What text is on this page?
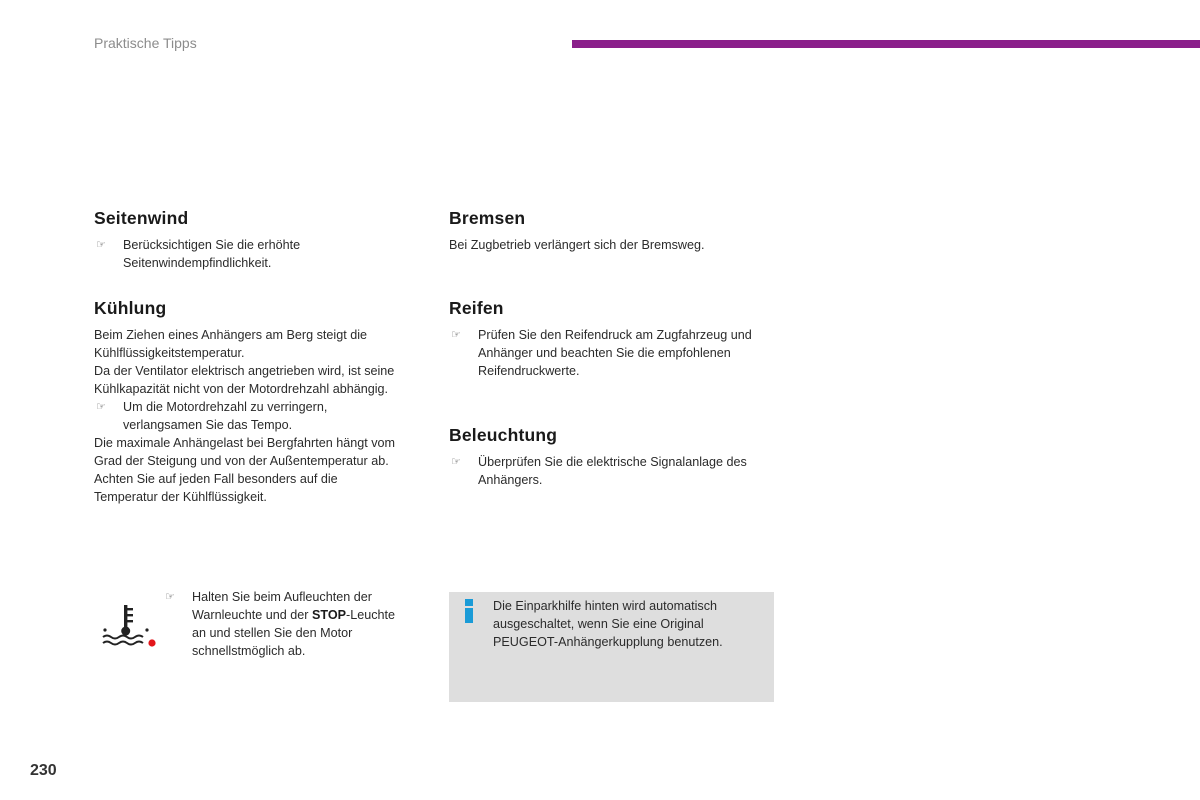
Praktische Tipps
Seitenwind
☞ Berücksichtigen Sie die erhöhte

Seitenwindempfindlichkeit.

Kühlung

Beim Ziehen eines Anhängers am Berg steigt die

Kühlflüssigkeitstemperatur.

Da der Ventilator elektrisch angetrieben wird, ist seine

Kühlkapazität nicht von der Motordrehzahl abhängig.

☞ Um die Motordrehzahl zu verringern,

verlangsamen Sie das Tempo.

Die maximale Anhängelast bei Bergfahrten hängt vom

Grad der Steigung und von der Außentemperatur ab.

Achten Sie auf jeden Fall besonders auf die

Temperatur der Kühlflüssigkeit.

Bremsen

Bei Zugbetrieb verlängert sich der Bremsweg.

Reifen
☞ Prüfen Sie den Reifendruck am Zugfahrzeug und

Anhänger und beachten Sie die empfohlenen

Reifendruckwerte.

Beleuchtung
☞ Überprüfen Sie die elektrische Signalanlage des

Anhängers.

☞ Halten Sie beim Aufleuchten der

Warnleuchte und der STOP-Leuchte

an und stellen Sie den Motor

schnellstmöglich ab.

Die Einparkhilfe hinten wird automatisch

ausgeschaltet, wenn Sie eine Original

PEUGEOT-Anhängerkupplung benutzen.

230
